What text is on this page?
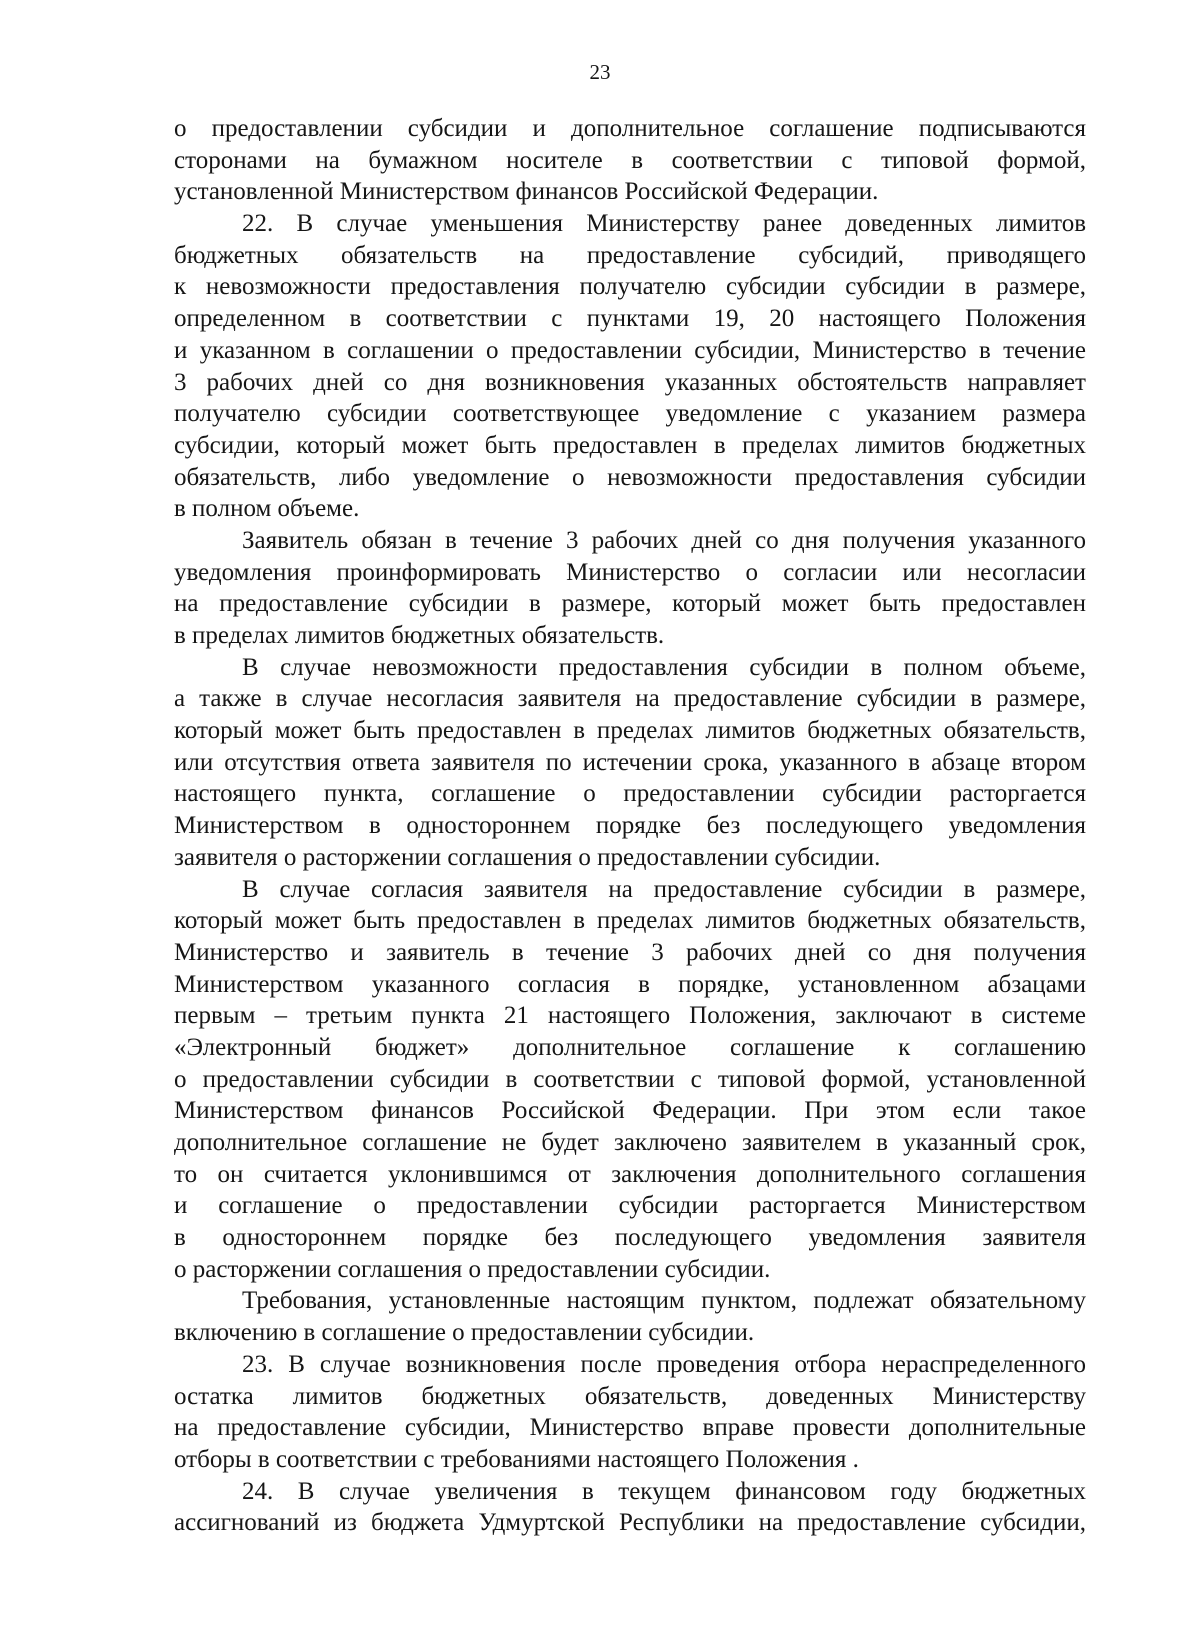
23
о предоставлении субсидии и дополнительное соглашение подписываются
сторонами на бумажном носителе в соответствии с типовой формой,
установленной Министерством финансов Российской Федерации.
22. В случае уменьшения Министерству ранее доведенных лимитов
бюджетных обязательств на предоставление субсидий, приводящего
к невозможности предоставления получателю субсидии субсидии в размере,
определенном в соответствии с пунктами 19, 20 настоящего Положения
и указанном в соглашении о предоставлении субсидии, Министерство в течение
3 рабочих дней со дня возникновения указанных обстоятельств направляет
получателю субсидии соответствующее уведомление с указанием размера
субсидии, который может быть предоставлен в пределах лимитов бюджетных
обязательств, либо уведомление о невозможности предоставления субсидии
в полном объеме.
Заявитель обязан в течение 3 рабочих дней со дня получения указанного
уведомления проинформировать Министерство о согласии или несогласии
на предоставление субсидии в размере, который может быть предоставлен
в пределах лимитов бюджетных обязательств.
В случае невозможности предоставления субсидии в полном объеме,
а также в случае несогласия заявителя на предоставление субсидии в размере,
который может быть предоставлен в пределах лимитов бюджетных обязательств,
или отсутствия ответа заявителя по истечении срока, указанного в абзаце втором
настоящего пункта, соглашение о предоставлении субсидии расторгается
Министерством в одностороннем порядке без последующего уведомления
заявителя о расторжении соглашения о предоставлении субсидии.
В случае согласия заявителя на предоставление субсидии в размере,
который может быть предоставлен в пределах лимитов бюджетных обязательств,
Министерство и заявитель в течение 3 рабочих дней со дня получения
Министерством указанного согласия в порядке, установленном абзацами
первым – третьим пункта 21 настоящего Положения, заключают в системе
«Электронный бюджет» дополнительное соглашение к соглашению
о предоставлении субсидии в соответствии с типовой формой, установленной
Министерством финансов Российской Федерации. При этом если такое
дополнительное соглашение не будет заключено заявителем в указанный срок,
то он считается уклонившимся от заключения дополнительного соглашения
и соглашение о предоставлении субсидии расторгается Министерством
в одностороннем порядке без последующего уведомления заявителя
о расторжении соглашения о предоставлении субсидии.
Требования, установленные настоящим пунктом, подлежат обязательному
включению в соглашение о предоставлении субсидии.
23. В случае возникновения после проведения отбора нераспределенного
остатка лимитов бюджетных обязательств, доведенных Министерству
на предоставление субсидии, Министерство вправе провести дополнительные
отборы в соответствии с требованиями настоящего Положения .
24. В случае увеличения в текущем финансовом году бюджетных
ассигнований из бюджета Удмуртской Республики на предоставление субсидии,
